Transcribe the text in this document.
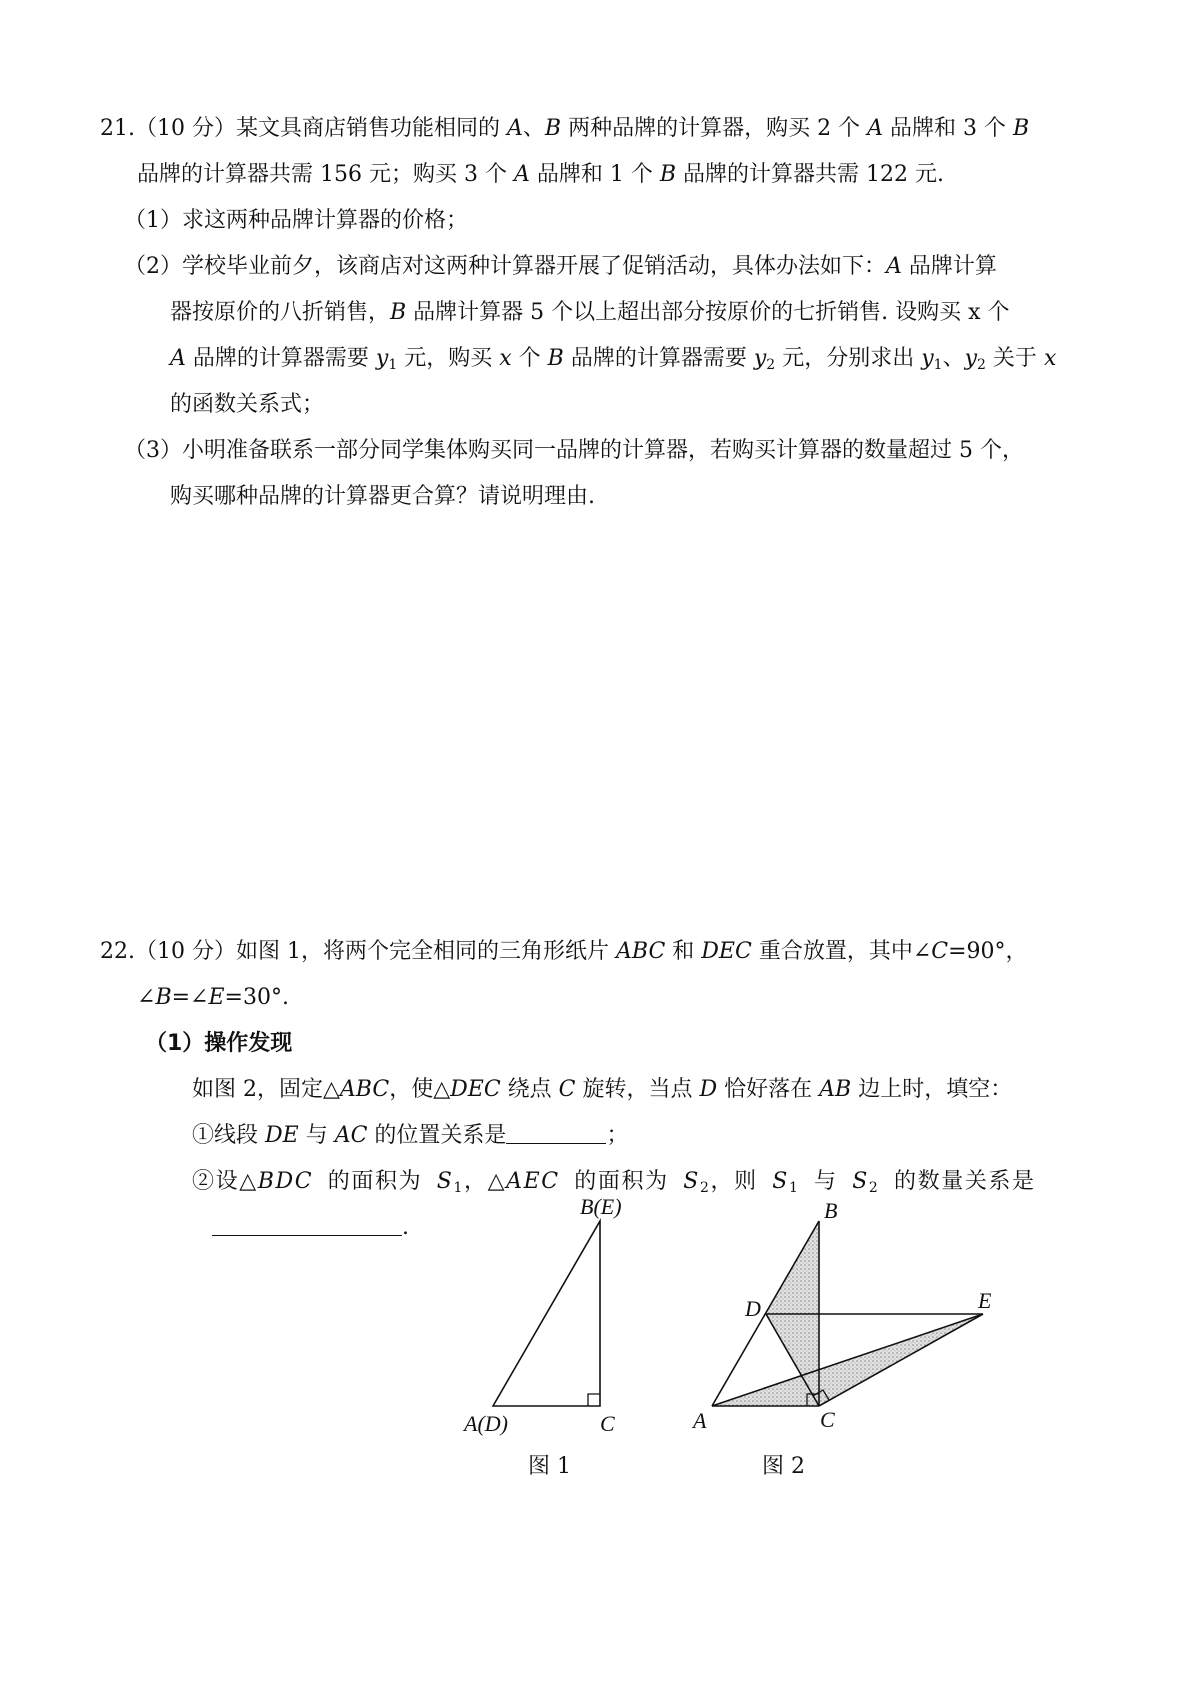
21.（10 分）某文具商店销售功能相同的 A、B 两种品牌的计算器，购买 2 个 A 品牌和 3 个 B
品牌的计算器共需 156 元；购买 3 个 A 品牌和 1 个 B 品牌的计算器共需 122 元.
（1）求这两种品牌计算器的价格；
（2）学校毕业前夕，该商店对这两种计算器开展了促销活动，具体办法如下：A 品牌计算
器按原价的八折销售，B 品牌计算器 5 个以上超出部分按原价的七折销售. 设购买 x 个
A 品牌的计算器需要 $y_1$ 元，购买 x 个 B 品牌的计算器需要 $y_2$ 元，分别求出 $y_1$、$y_2$ 关于 x
的函数关系式；
（3）小明准备联系一部分同学集体购买同一品牌的计算器，若购买计算器的数量超过 5 个，
购买哪种品牌的计算器更合算？请说明理由.
22.（10 分）如图 1，将两个完全相同的三角形纸片 ABC 和 DEC 重合放置，其中∠C=90°，
∠B=∠E=30°.
（1）操作发现
如图 2，固定△ABC，使△DEC 绕点 C 旋转，当点 D 恰好落在 AB 边上时，填空：
①线段 DE 与 AC 的位置关系是	；
②设△BDC 的面积为 $S_1$，△AEC 的面积为 $S_2$，则 $S_1$ 与 $S_2$ 的数量关系是
.
B(E)
A(D)	C
B
D	E
A	C
图 1	图 2
